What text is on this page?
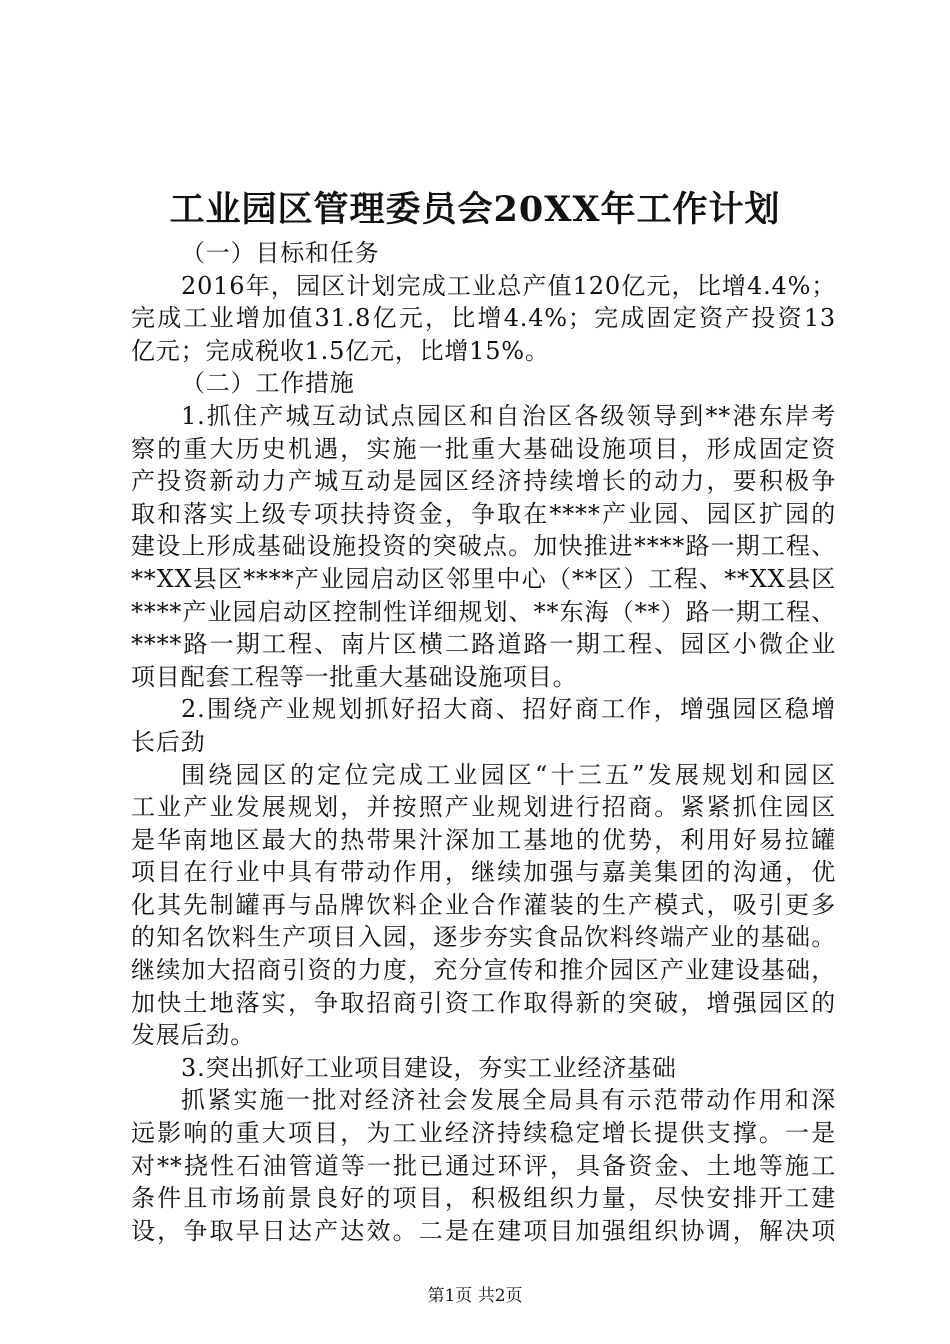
工业园区管理委员会20XX年工作计划
（一）目标和任务
2016年，园区计划完成工业总产值120亿元，比增4.4%；
完成工业增加值31.8亿元，比增4.4%；完成固定资产投资13
亿元；完成税收1.5亿元，比增15%。
（二）工作措施
1.抓住产城互动试点园区和自治区各级领导到**港东岸考
察的重大历史机遇，实施一批重大基础设施项目，形成固定资
产投资新动力产城互动是园区经济持续增长的动力，要积极争
取和落实上级专项扶持资金，争取在****产业园、园区扩园的
建设上形成基础设施投资的突破点。加快推进****路一期工程、
**XX县区****产业园启动区邻里中心（**区）工程、**XX县区
****产业园启动区控制性详细规划、**东海（**）路一期工程、
****路一期工程、南片区横二路道路一期工程、园区小微企业
项目配套工程等一批重大基础设施项目。
2.围绕产业规划抓好招大商、招好商工作，增强园区稳增
长后劲
围绕园区的定位完成工业园区“十三五”发展规划和园区
工业产业发展规划，并按照产业规划进行招商。紧紧抓住园区
是华南地区最大的热带果汁深加工基地的优势，利用好易拉罐
项目在行业中具有带动作用，继续加强与嘉美集团的沟通，优
化其先制罐再与品牌饮料企业合作灌装的生产模式，吸引更多
的知名饮料生产项目入园，逐步夯实食品饮料终端产业的基础。
继续加大招商引资的力度，充分宣传和推介园区产业建设基础，
加快土地落实，争取招商引资工作取得新的突破，增强园区的
发展后劲。
3.突出抓好工业项目建设，夯实工业经济基础
抓紧实施一批对经济社会发展全局具有示范带动作用和深
远影响的重大项目，为工业经济持续稳定增长提供支撑。一是
对**挠性石油管道等一批已通过环评，具备资金、土地等施工
条件且市场前景良好的项目，积极组织力量，尽快安排开工建
设，争取早日达产达效。二是在建项目加强组织协调，解决项
第1页 共2页
